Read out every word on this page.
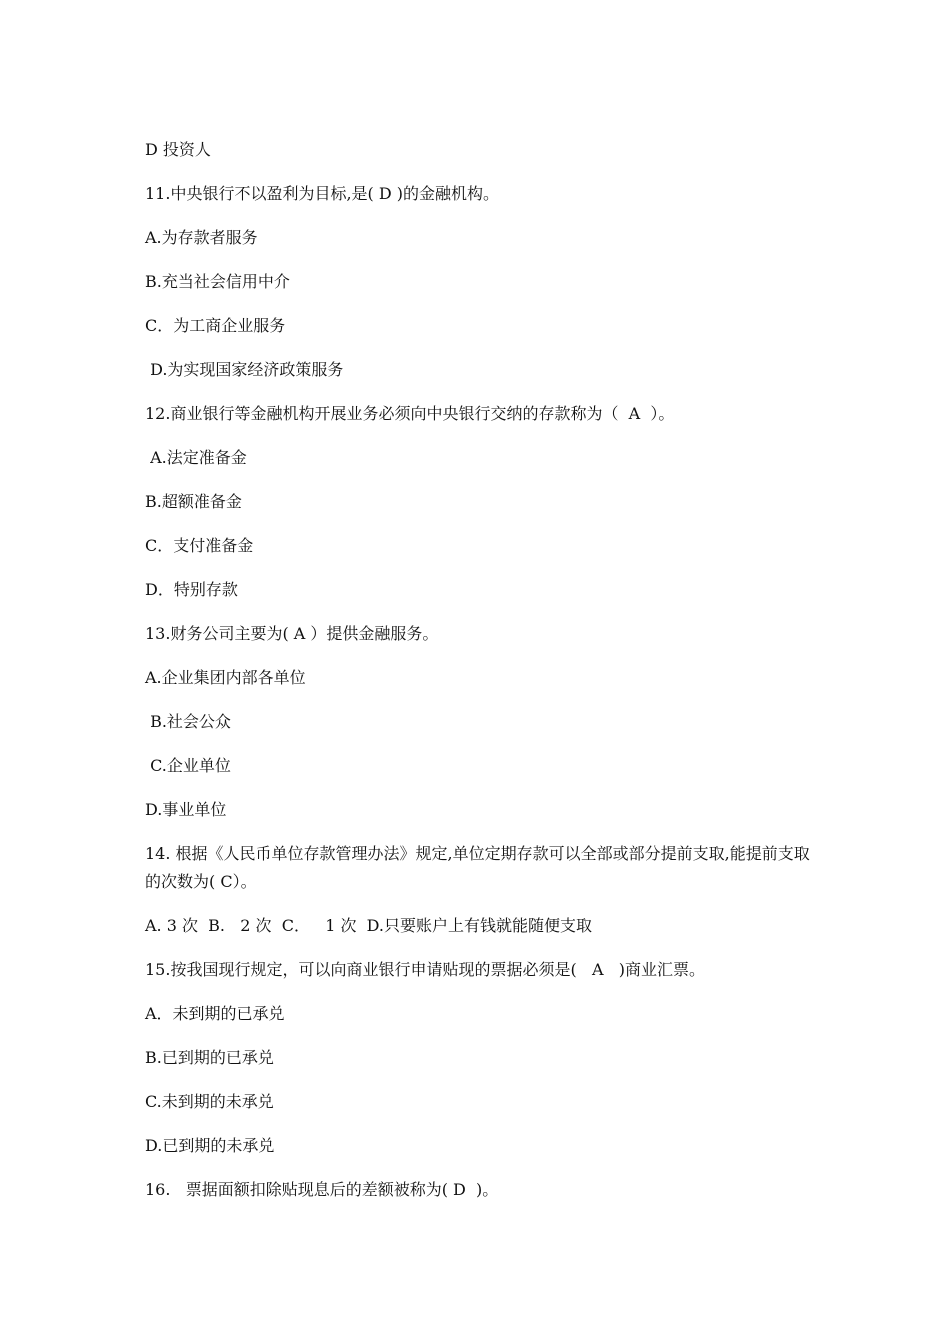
D 投资人
11.中央银行不以盈利为目标,是( D )的金融机构。
A.为存款者服务
B.充当社会信用中介
C．为工商企业服务
D.为实现国家经济政策服务
12.商业银行等金融机构开展业务必须向中央银行交纳的存款称为（  A  ）。
A.法定准备金
B.超额准备金
C．支付准备金
D．特别存款
13.财务公司主要为( A ）提供金融服务。
A.企业集团内部各单位
B.社会公众
C.企业单位
D.事业单位
14. 根据《人民币单位存款管理办法》规定,单位定期存款可以全部或部分提前支取,能提前支取的次数为( C）。
A. 3 次  B.   2 次  C．   1 次  D.只要账户上有钱就能随便支取
15.按我国现行规定，可以向商业银行申请贴现的票据必须是(   A   )商业汇票。
A．未到期的已承兑
B.已到期的已承兑
C.未到期的未承兑
D.已到期的未承兑
16.   票据面额扣除贴现息后的差额被称为( D  )。
